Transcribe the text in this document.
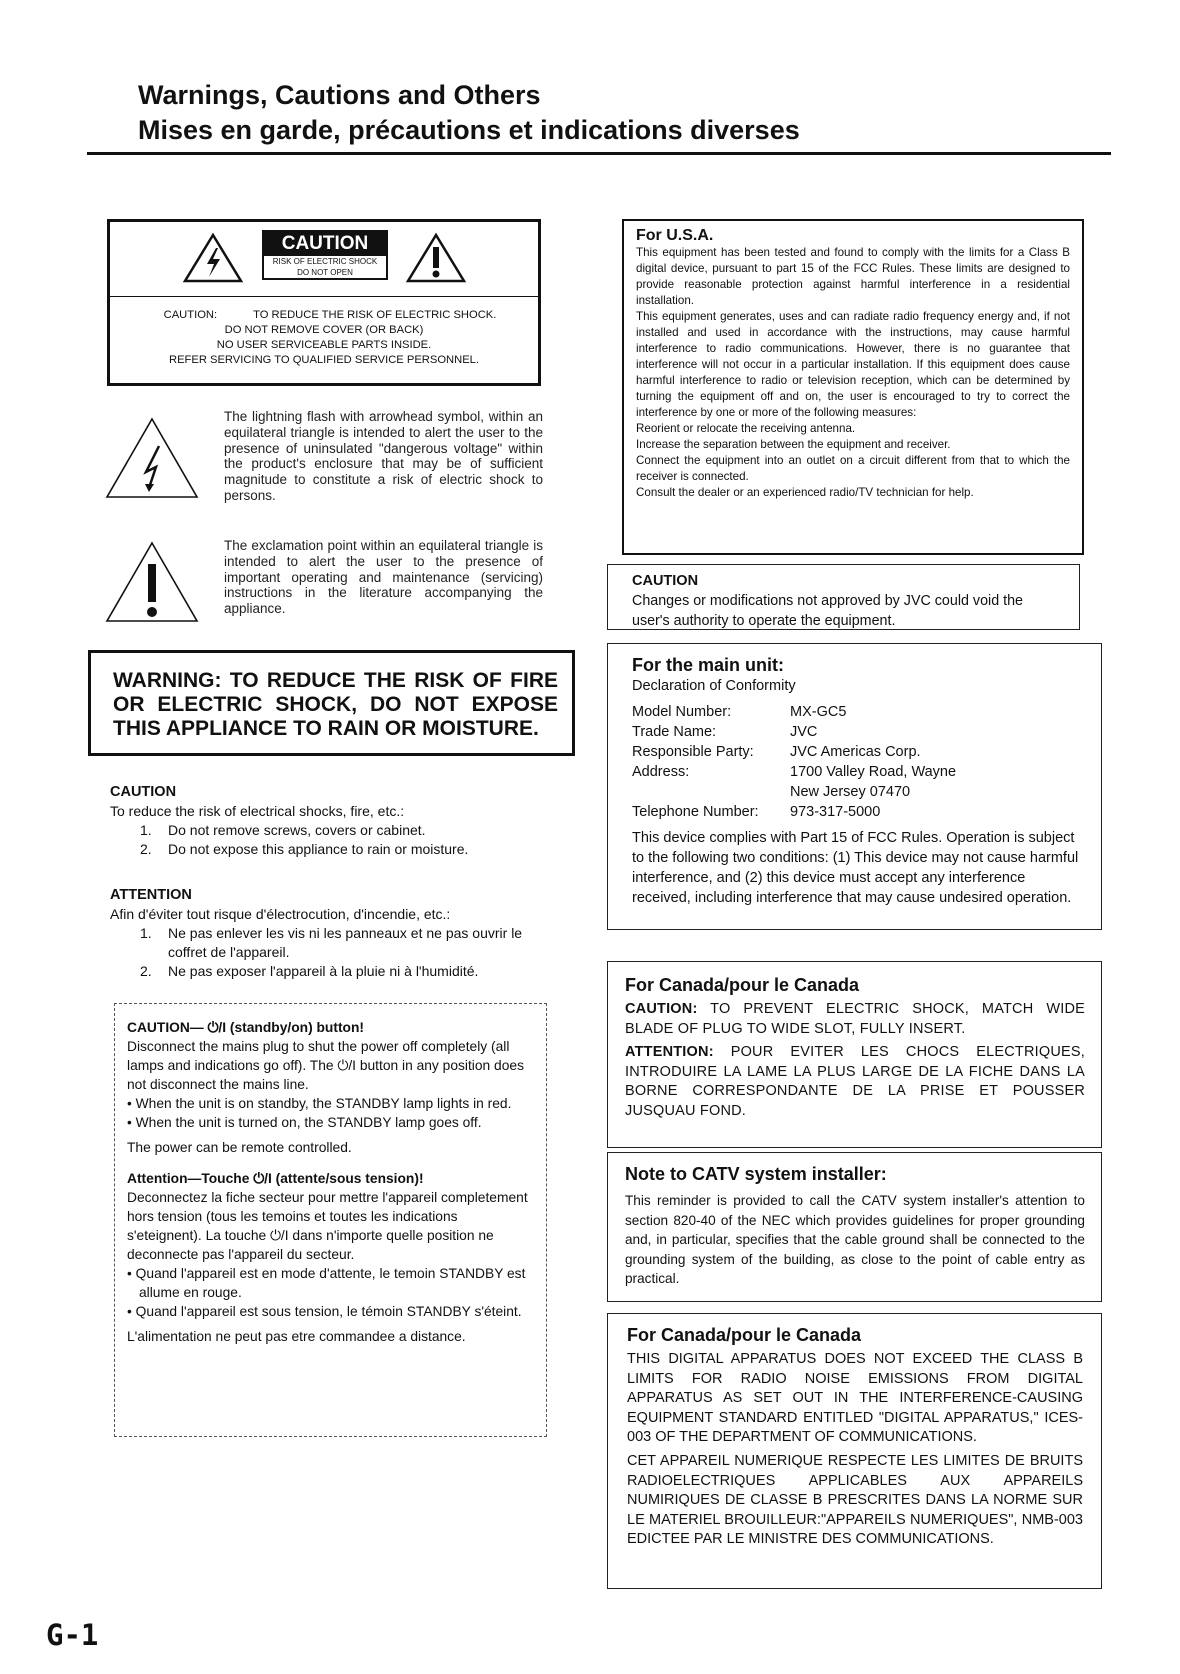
Warnings, Cautions and Others
Mises en garde, précautions et indications diverses
CAUTION
RISK OF ELECTRIC SHOCK
DO NOT OPEN
CAUTION:	TO REDUCE THE RISK OF ELECTRIC SHOCK.
DO NOT REMOVE COVER (OR BACK)
NO USER SERVICEABLE PARTS INSIDE.
REFER SERVICING TO QUALIFIED SERVICE PERSONNEL.
The lightning flash with arrowhead symbol, within an equilateral triangle is intended to alert the user to the presence of uninsulated "dangerous voltage" within the product's enclosure that may be of sufficient magnitude to constitute a risk of electric shock to persons.
The exclamation point within an equilateral triangle is intended to alert the user to the presence of important operating and maintenance (servicing) instructions in the literature accompanying the appliance.
WARNING: TO REDUCE THE RISK OF FIRE OR ELECTRIC SHOCK, DO NOT EXPOSE THIS APPLIANCE TO RAIN OR MOISTURE.
CAUTION
To reduce the risk of electrical shocks, fire, etc.:
1. Do not remove screws, covers or cabinet.
2. Do not expose this appliance to rain or moisture.
ATTENTION
Afin d'éviter tout risque d'électrocution, d'incendie, etc.:
1. Ne pas enlever les vis ni les panneaux et ne pas ouvrir le coffret de l'appareil.
2. Ne pas exposer l'appareil à la pluie ni à l'humidité.
CAUTION— ⏻/I (standby/on) button!
Disconnect the mains plug to shut the power off completely (all lamps and indications go off). The ⏻/I button in any position does not disconnect the mains line.
• When the unit is on standby, the STANDBY lamp lights in red.
• When the unit is turned on, the STANDBY lamp goes off.
The power can be remote controlled.
Attention—Touche ⏻/I (attente/sous tension)!
Deconnectez la fiche secteur pour mettre l'appareil completement hors tension (tous les temoins et toutes les indications s'eteignent). La touche ⏻/I dans n'importe quelle position ne deconnecte pas l'appareil du secteur.
• Quand l'appareil est en mode d'attente, le temoin STANDBY est allume en rouge.
• Quand l'appareil est sous tension, le témoin STANDBY s'éteint.
L'alimentation ne peut pas etre commandee a distance.
For U.S.A.
This equipment has been tested and found to comply with the limits for a Class B digital device, pursuant to part 15 of the FCC Rules. These limits are designed to provide reasonable protection against harmful interference in a residential installation.
This equipment generates, uses and can radiate radio frequency energy and, if not installed and used in accordance with the instructions, may cause harmful interference to radio communications. However, there is no guarantee that interference will not occur in a particular installation. If this equipment does cause harmful interference to radio or television reception, which can be determined by turning the equipment off and on, the user is encouraged to try to correct the interference by one or more of the following measures:
Reorient or relocate the receiving antenna.
Increase the separation between the equipment and receiver.
Connect the equipment into an outlet on a circuit different from that to which the receiver is connected.
Consult the dealer or an experienced radio/TV technician for help.
CAUTION
Changes or modifications not approved by JVC could void the user's authority to operate the equipment.
For the main unit:
Declaration of Conformity
Model Number:	MX-GC5
Trade Name:	JVC
Responsible Party:	JVC Americas Corp.
Address:	1700 Valley Road, Wayne
New Jersey 07470
Telephone Number:	973-317-5000
This device complies with Part 15 of FCC Rules. Operation is subject to the following two conditions: (1) This device may not cause harmful interference, and (2) this device must accept any interference received, including interference that may cause undesired operation.
For Canada/pour le Canada
CAUTION: TO PREVENT ELECTRIC SHOCK, MATCH WIDE BLADE OF PLUG TO WIDE SLOT, FULLY INSERT.
ATTENTION: POUR EVITER LES CHOCS ELECTRIQUES, INTRODUIRE LA LAME LA PLUS LARGE DE LA FICHE DANS LA BORNE CORRESPONDANTE DE LA PRISE ET POUSSER JUSQUAU FOND.
Note to CATV system installer:
This reminder is provided to call the CATV system installer's attention to section 820-40 of the NEC which provides guidelines for proper grounding and, in particular, specifies that the cable ground shall be connected to the grounding system of the building, as close to the point of cable entry as practical.
For Canada/pour le Canada
THIS DIGITAL APPARATUS DOES NOT EXCEED THE CLASS B LIMITS FOR RADIO NOISE EMISSIONS FROM DIGITAL APPARATUS AS SET OUT IN THE INTERFERENCE-CAUSING EQUIPMENT STANDARD ENTITLED "DIGITAL APPARATUS," ICES-003 OF THE DEPARTMENT OF COMMUNICATIONS.
CET APPAREIL NUMERIQUE RESPECTE LES LIMITES DE BRUITS RADIOELECTRIQUES APPLICABLES AUX APPAREILS NUMIRIQUES DE CLASSE B PRESCRITES DANS LA NORME SUR LE MATERIEL BROUILLEUR:"APPAREILS NUMERIQUES", NMB-003 EDICTEE PAR LE MINISTRE DES COMMUNICATIONS.
G-1
